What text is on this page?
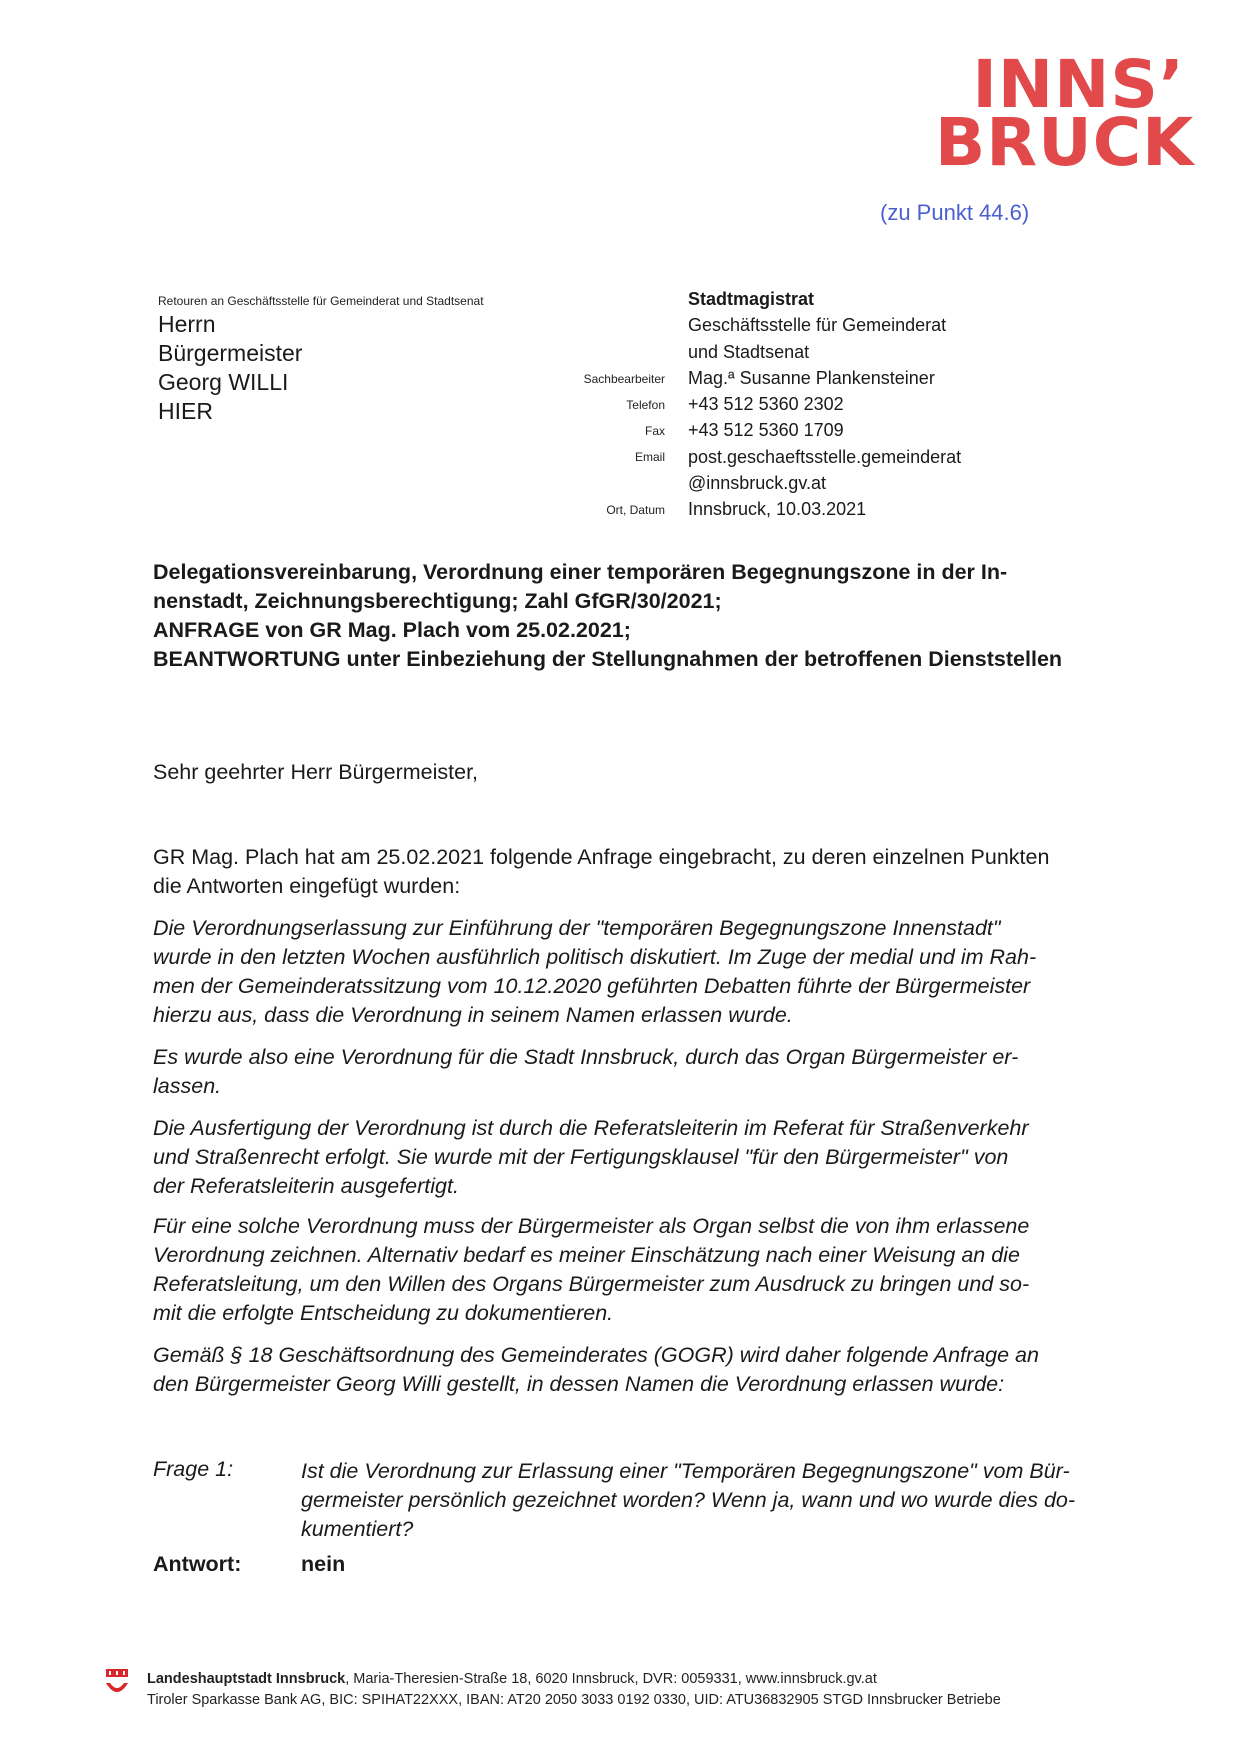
INNS’
BRUCK
(zu Punkt 44.6)
Retouren an Geschäftsstelle für Gemeinderat und Stadtsenat
Herrn
Bürgermeister
Georg WILLI
HIER
Sachbearbeiter
Telefon
Fax
Email
Ort, Datum
Stadtmagistrat
Geschäftsstelle für Gemeinderat
und Stadtsenat
Mag.ª Susanne Plankensteiner
+43 512 5360 2302
+43 512 5360 1709
post.geschaeftsstelle.gemeinderat
@innsbruck.gv.at
Innsbruck, 10.03.2021
Delegationsvereinbarung, Verordnung einer temporären Begegnungszone in der In-
nenstadt, Zeichnungsberechtigung; Zahl GfGR/30/2021;
ANFRAGE von GR Mag. Plach vom 25.02.2021;
BEANTWORTUNG unter Einbeziehung der Stellungnahmen der betroffenen Dienststellen
Sehr geehrter Herr Bürgermeister,
GR Mag. Plach hat am 25.02.2021 folgende Anfrage eingebracht, zu deren einzelnen Punkten
die Antworten eingefügt wurden:
Die Verordnungserlassung zur Einführung der "temporären Begegnungszone Innenstadt"
wurde in den letzten Wochen ausführlich politisch diskutiert. Im Zuge der medial und im Rah-
men der Gemeinderatssitzung vom 10.12.2020 geführten Debatten führte der Bürgermeister
hierzu aus, dass die Verordnung in seinem Namen erlassen wurde.
Es wurde also eine Verordnung für die Stadt Innsbruck, durch das Organ Bürgermeister er-
lassen.
Die Ausfertigung der Verordnung ist durch die Referatsleiterin im Referat für Straßenverkehr
und Straßenrecht erfolgt. Sie wurde mit der Fertigungsklausel "für den Bürgermeister" von
der Referatsleiterin ausgefertigt.
Für eine solche Verordnung muss der Bürgermeister als Organ selbst die von ihm erlassene
Verordnung zeichnen. Alternativ bedarf es meiner Einschätzung nach einer Weisung an die
Referatsleitung, um den Willen des Organs Bürgermeister zum Ausdruck zu bringen und so-
mit die erfolgte Entscheidung zu dokumentieren.
Gemäß § 18 Geschäftsordnung des Gemeinderates (GOGR) wird daher folgende Anfrage an
den Bürgermeister Georg Willi gestellt, in dessen Namen die Verordnung erlassen wurde:
Frage 1:	Ist die Verordnung zur Erlassung einer "Temporären Begegnungszone" vom Bür-
germeister persönlich gezeichnet worden? Wenn ja, wann und wo wurde dies do-
kumentiert?
Antwort:	nein
Landeshauptstadt Innsbruck, Maria-Theresien-Straße 18, 6020 Innsbruck, DVR: 0059331, www.innsbruck.gv.at
Tiroler Sparkasse Bank AG, BIC: SPIHAT22XXX, IBAN: AT20 2050 3033 0192 0330, UID: ATU36832905 STGD Innsbrucker Betriebe
